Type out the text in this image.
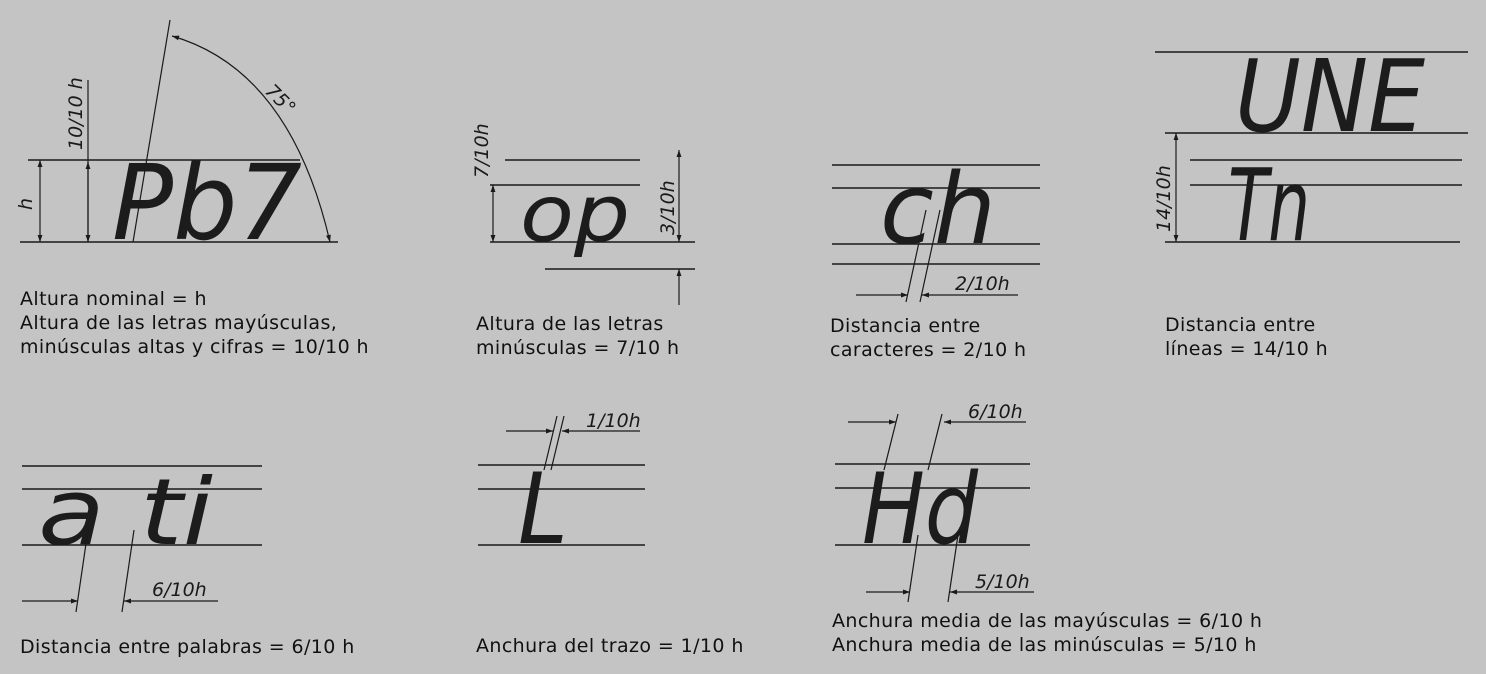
Pb7
h
10/10 h	75°
op
7/10h
3/10h ch
2/10h
UNE
Tn
14/10h
a ti
6/10h
L
1/10h
Hd
6/10h
5/10h
Altura nominal = h
Altura de las letras mayúsculas,
minúsculas altas y cifras = 10/10 h
Altura de las letras
minúsculas = 7/10 h
Distancia entre
caracteres = 2/10 h
Distancia entre
líneas = 14/10 h
Distancia entre palabras = 6/10 h	Anchura del trazo = 1/10 h
Anchura media de las mayúsculas = 6/10 h
Anchura media de las minúsculas = 5/10 h
